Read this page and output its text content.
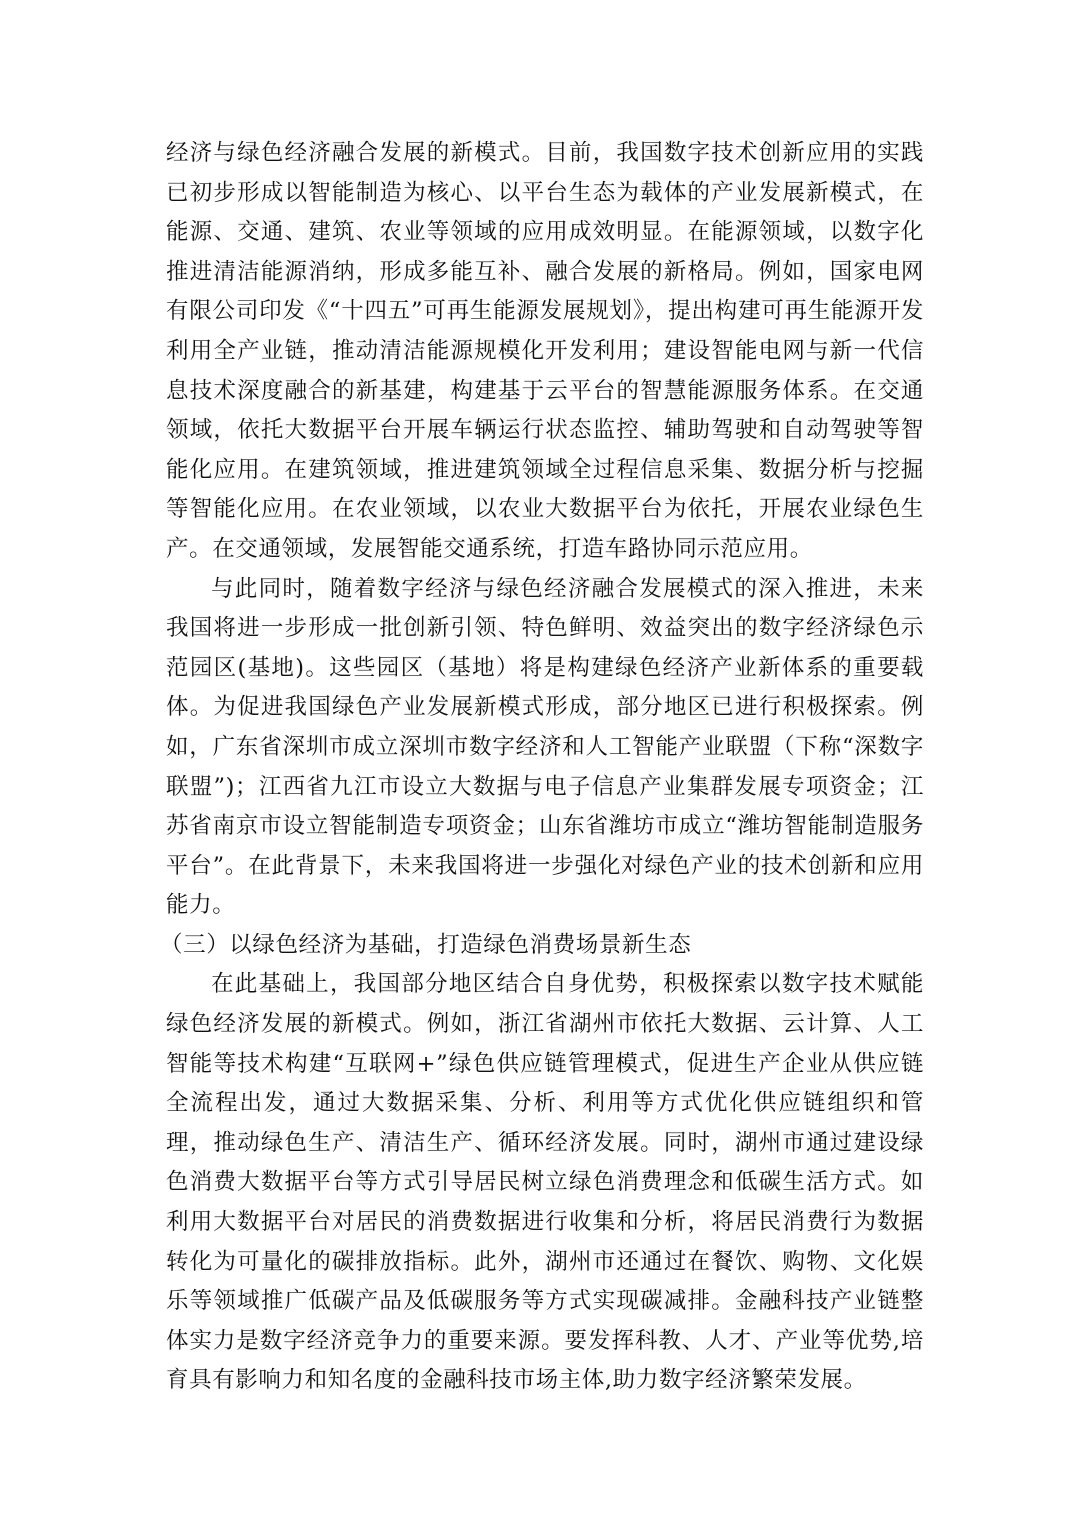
经济与绿色经济融合发展的新模式。目前，我国数字技术创新应用的实践已初步形成以智能制造为核心、以平台生态为载体的产业发展新模式，在能源、交通、建筑、农业等领域的应用成效明显。在能源领域，以数字化推进清洁能源消纳，形成多能互补、融合发展的新格局。例如，国家电网有限公司印发《“十四五”可再生能源发展规划》，提出构建可再生能源开发利用全产业链，推动清洁能源规模化开发利用；建设智能电网与新一代信息技术深度融合的新基建，构建基于云平台的智慧能源服务体系。在交通领域，依托大数据平台开展车辆运行状态监控、辅助驾驶和自动驾驶等智能化应用。在建筑领域，推进建筑领域全过程信息采集、数据分析与挖掘等智能化应用。在农业领域，以农业大数据平台为依托，开展农业绿色生产。在交通领域，发展智能交通系统，打造车路协同示范应用。

与此同时，随着数字经济与绿色经济融合发展模式的深入推进，未来我国将进一步形成一批创新引领、特色鲜明、效益突出的数字经济绿色示范园区(基地)。这些园区（基地）将是构建绿色经济产业新体系的重要载体。为促进我国绿色产业发展新模式形成，部分地区已进行积极探索。例如，广东省深圳市成立深圳市数字经济和人工智能产业联盟（下称“深数字联盟”)；江西省九江市设立大数据与电子信息产业集群发展专项资金；江苏省南京市设立智能制造专项资金；山东省潍坊市成立“潍坊智能制造服务平台”。在此背景下，未来我国将进一步强化对绿色产业的技术创新和应用能力。

（三）以绿色经济为基础，打造绿色消费场景新生态

在此基础上，我国部分地区结合自身优势，积极探索以数字技术赋能绿色经济发展的新模式。例如，浙江省湖州市依托大数据、云计算、人工智能等技术构建“互联网+”绿色供应链管理模式，促进生产企业从供应链全流程出发，通过大数据采集、分析、利用等方式优化供应链组织和管理，推动绿色生产、清洁生产、循环经济发展。同时，湖州市通过建设绿色消费大数据平台等方式引导居民树立绿色消费理念和低碳生活方式。如利用大数据平台对居民的消费数据进行收集和分析，将居民消费行为数据转化为可量化的碳排放指标。此外，湖州市还通过在餐饮、购物、文化娱乐等领域推广低碳产品及低碳服务等方式实现碳减排。金融科技产业链整体实力是数字经济竞争力的重要来源。要发挥科教、人才、产业等优势,培育具有影响力和知名度的金融科技市场主体,助力数字经济繁荣发展。
